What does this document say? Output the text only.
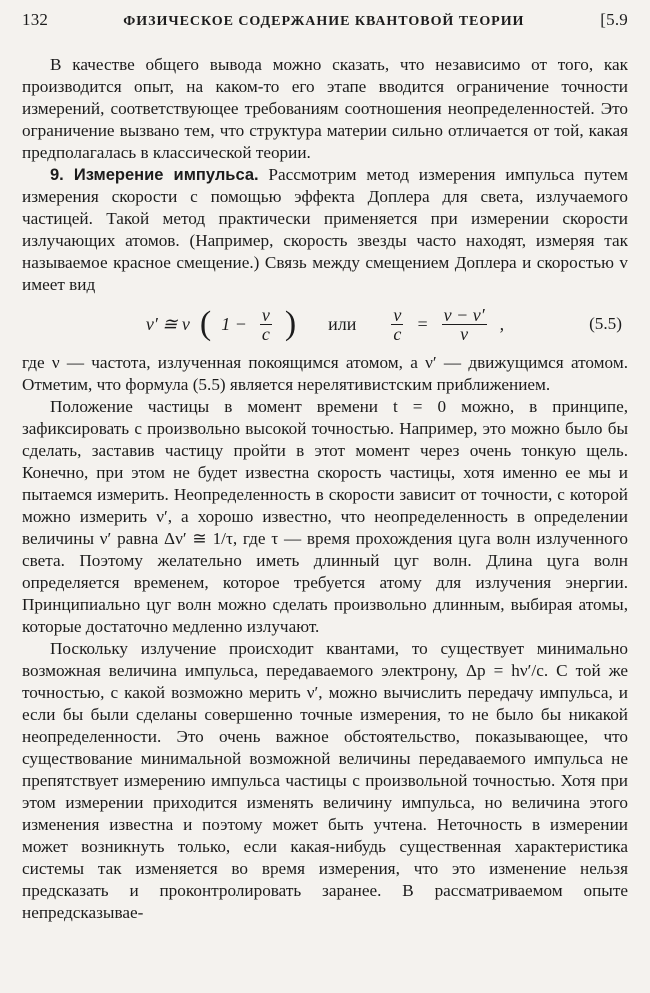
132	ФИЗИЧЕСКОЕ СОДЕРЖАНИЕ КВАНТОВОЙ ТЕОРИИ	[5.9

В качестве общего вывода можно сказать, что независимо от того, как производится опыт, на каком-то его этапе вводится ограничение точности измерений, соответствующее требованиям соотношения неопределенностей. Это ограничение вызвано тем, что структура материи сильно отличается от той, какая предполагалась в классической теории.

9. Измерение импульса. Рассмотрим метод измерения импульса путем измерения скорости с помощью эффекта Доплера для света, излучаемого частицей. Такой метод практически применяется при измерении скорости излучающих атомов. (Например, скорость звезды часто находят, измеряя так называемое красное смещение.) Связь между смещением Доплера и скоростью v имеет вид

ν′ ≅ ν ( $1 - \frac{v}{c}$ ) или $\frac{v}{c} = \frac{\nu - \nu'}{\nu}$ ,	(5.5)

где ν — частота, излученная покоящимся атомом, а ν′ — движущимся атомом. Отметим, что формула (5.5) является нерелятивистским приближением.

Положение частицы в момент времени t = 0 можно, в принципе, зафиксировать с произвольно высокой точностью. Например, это можно было бы сделать, заставив частицу пройти в этот момент через очень тонкую щель. Конечно, при этом не будет известна скорость частицы, хотя именно ее мы и пытаемся измерить. Неопределенность в скорости зависит от точности, с которой можно измерить ν′, а хорошо известно, что неопределенность в определении величины ν′ равна Δν′ ≅ 1/τ, где τ — время прохождения цуга волн излученного света. Поэтому желательно иметь длинный цуг волн. Длина цуга волн определяется временем, которое требуется атому для излучения энергии. Принципиально цуг волн можно сделать произвольно длинным, выбирая атомы, которые достаточно медленно излучают.

Поскольку излучение происходит квантами, то существует минимально возможная величина импульса, передаваемого электрону, Δp = hν′/c. С той же точностью, с какой возможно мерить ν′, можно вычислить передачу импульса, и если бы были сделаны совершенно точные измерения, то не было бы никакой неопределенности. Это очень важное обстоятельство, показывающее, что существование минимальной возможной величины передаваемого импульса не препятствует измерению импульса частицы с произвольной точностью. Хотя при этом измерении приходится изменять величину импульса, но величина этого изменения известна и поэтому может быть учтена. Неточность в измерении может возникнуть только, если какая-нибудь существенная характеристика системы так изменяется во время измерения, что это изменение нельзя предсказать и проконтролировать заранее. В рассматриваемом опыте непредсказывае-
